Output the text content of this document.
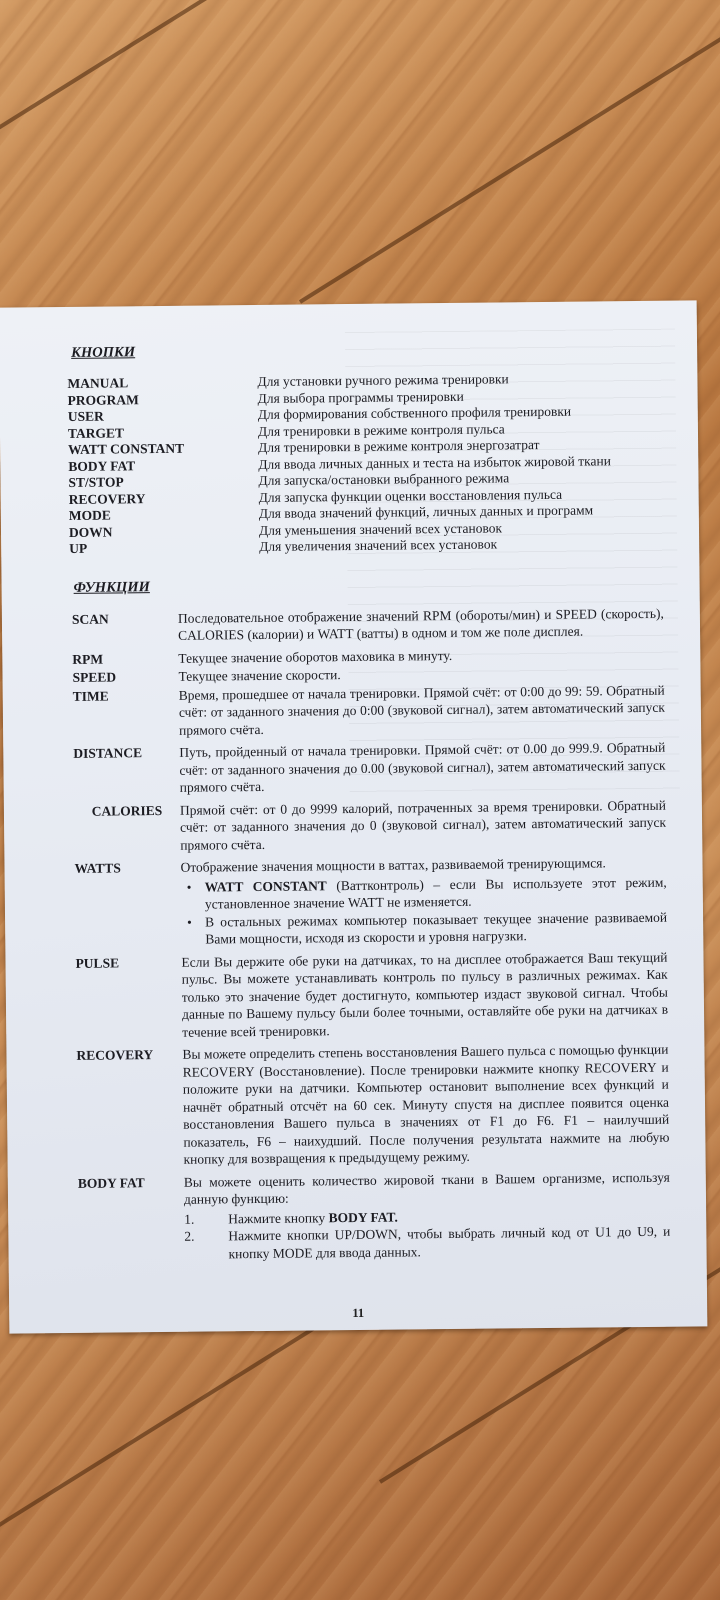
КНОПКИ
MANUAL	Для установки ручного режима тренировки
PROGRAM	Для выбора программы тренировки
USER	Для формирования собственного профиля тренировки
TARGET	Для тренировки в режиме контроля пульса
WATT CONSTANT	Для тренировки в режиме контроля энергозатрат
BODY FAT	Для ввода личных данных и теста на избыток жировой ткани
ST/STOP	Для запуска/остановки выбранного режима
RECOVERY	Для запуска функции оценки восстановления пульса
MODE	Для ввода значений функций, личных данных и программ
DOWN	Для уменьшения значений всех установок
UP	Для увеличения значений всех установок
ФУНКЦИИ
SCAN	Последовательное отображение значений RPM (обороты/мин) и SPEED (скорость), CALORIES (калории) и WATT (ватты) в одном и том же поле дисплея.
RPM	Текущее значение оборотов маховика в минуту.
SPEED	Текущее значение скорости.
TIME	Время, прошедшее от начала тренировки. Прямой счёт: от 0:00 до 99: 59. Обратный счёт: от заданного значения до 0:00 (звуковой сигнал), затем автоматический запуск прямого счёта.
DISTANCE	Путь, пройденный от начала тренировки. Прямой счёт: от 0.00 до 999.9. Обратный счёт: от заданного значения до 0.00 (звуковой сигнал), затем автоматический запуск прямого счёта.
CALORIES	Прямой счёт: от 0 до 9999 калорий, потраченных за время тренировки. Обратный счёт: от заданного значения до 0 (звуковой сигнал), затем автоматический запуск прямого счёта.
WATTS	Отображение значения мощности в ваттах, развиваемой тренирующимся.
• WATT CONSTANT (Ваттконтроль) – если Вы используете этот режим, установленное значение WATT не изменяется.
• В остальных режимах компьютер показывает текущее значение развиваемой Вами мощности, исходя из скорости и уровня нагрузки.
PULSE	Если Вы держите обе руки на датчиках, то на дисплее отображается Ваш текущий пульс. Вы можете устанавливать контроль по пульсу в различных режимах. Как только это значение будет достигнуто, компьютер издаст звуковой сигнал. Чтобы данные по Вашему пульсу были более точными, оставляйте обе руки на датчиках в течение всей тренировки.
RECOVERY	Вы можете определить степень восстановления Вашего пульса с помощью функции RECOVERY (Восстановление). После тренировки нажмите кнопку RECOVERY и положите руки на датчики. Компьютер остановит выполнение всех функций и начнёт обратный отсчёт на 60 сек. Минуту спустя на дисплее появится оценка восстановления Вашего пульса в значениях от F1 до F6. F1 – наилучший показатель, F6 – наихудший. После получения результата нажмите на любую кнопку для возвращения к предыдущему режиму.
BODY FAT	Вы можете оценить количество жировой ткани в Вашем организме, используя данную функцию:
1.	Нажмите кнопку BODY FAT.
2.	Нажмите кнопки UP/DOWN, чтобы выбрать личный код от U1 до U9, и кнопку MODE для ввода данных.
11
